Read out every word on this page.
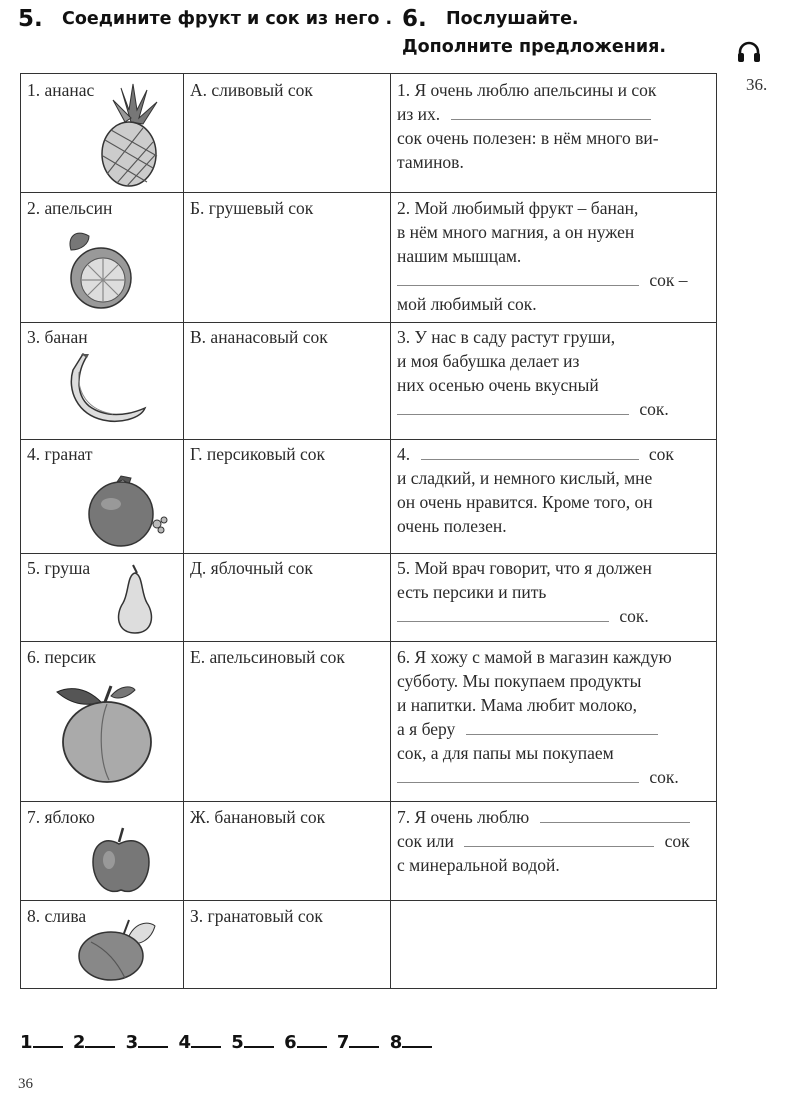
5. Соедините фрукт и сок из него . 6. Послушайте.
Дополните предложения.
36.
1. ананас
2. апельсин
3. банан
4. гранат
5. груша
6. персик
7. яблоко
8. слива
А. сливовый сок
Б. грушевый сок
В. ананасовый сок
Г. персиковый сок
Д. яблочный сок
Е. апельсиновый сок
Ж. банановый сок
З. гранатовый сок
1. Я очень люблю апельсины и сок
из их.
сок очень полезен: в нём много ви-
таминов.
2. Мой любимый фрукт – банан,
в нём много магния, а он нужен
нашим мышцам.
сок –
мой любимый сок.
3. У нас в саду растут груши,
и моя бабушка делает из
них осенью очень вкусный
сок.
4.	сок
и сладкий, и немного кислый, мне
он очень нравится. Кроме того, он
очень полезен.
5. Мой врач говорит, что я должен
есть персики и пить
сок.
6. Я хожу с мамой в магазин каждую
субботу. Мы покупаем продукты
и напитки. Мама любит молоко,
а я беру
сок, а для папы мы покупаем
сок.
7. Я очень люблю
сок или	сок
с минеральной водой.
1 2 3 4 5 6 7 8
36
